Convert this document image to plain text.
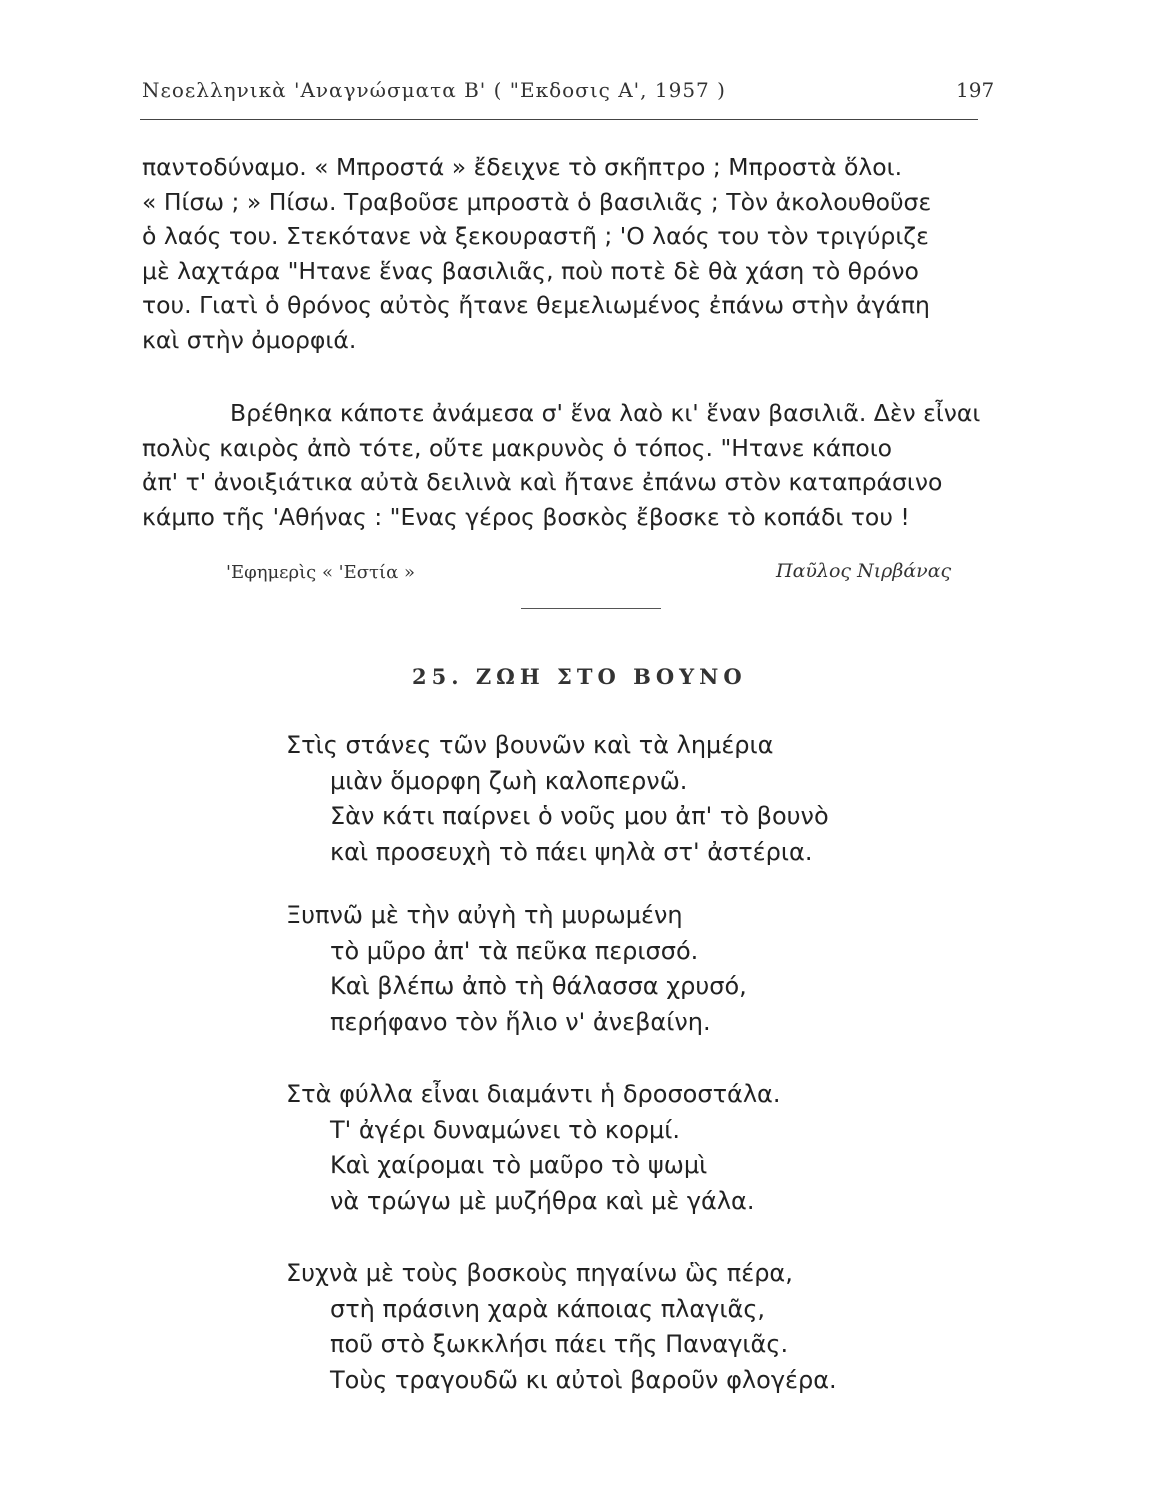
Νεοελληνικὰ 'Αναγνώσματα Β' ( "Εκδοσις Α', 1957 )	197
παντοδύναμο. « Μπροστά » ἔδειχνε τὸ σκῆπτρο ; Μπροστὰ ὅλοι.
« Πίσω ; » Πίσω. Τραβοῦσε μπροστὰ ὁ βασιλιᾶς ; Τὸν ἀκολουθοῦσε
ὁ λαός του. Στεκότανε νὰ ξεκουραστῆ ; 'Ο λαός του τὸν τριγύριζε
μὲ λαχτάρα "Ητανε ἕνας βασιλιᾶς, ποὺ ποτὲ δὲ θὰ χάση τὸ θρόνο
του. Γιατὶ ὁ θρόνος αὐτὸς ἤτανε θεμελιωμένος ἐπάνω στὴν ἀγάπη
καὶ στὴν ὀμορφιά.
Βρέθηκα κάποτε ἀνάμεσα σ' ἕνα λαὸ κι' ἕναν βασιλιᾶ. Δὲν εἶναι
πολὺς καιρὸς ἀπὸ τότε, οὔτε μακρυνὸς ὁ τόπος. "Ητανε κάποιο
ἀπ' τ' ἀνοιξιάτικα αὐτὰ δειλινὰ καὶ ἤτανε ἐπάνω στὸν καταπράσινο
κάμπο τῆς 'Αθήνας : "Ενας γέρος βοσκὸς ἔβοσκε τὸ κοπάδι του !
'Εφημερὶς « 'Εστία »	Παῦλος Νιρβάνας
25. ΖΩΗ ΣΤΟ ΒΟΥΝΟ
Στὶς στάνες τῶν βουνῶν καὶ τὰ λημέρια
μιὰν ὅμορφη ζωὴ καλοπερνῶ.
Σὰν κάτι παίρνει ὁ νοῦς μου ἀπ' τὸ βουνὸ
καὶ προσευχὴ τὸ πάει ψηλὰ στ' ἀστέρια.
Ξυπνῶ μὲ τὴν αὐγὴ τὴ μυρωμένη
τὸ μῦρο ἀπ' τὰ πεῦκα περισσό.
Καὶ βλέπω ἀπὸ τὴ θάλασσα χρυσό,
περήφανο τὸν ἥλιο ν' ἀνεβαίνη.
Στὰ φύλλα εἶναι διαμάντι ἡ δροσοστάλα.
Τ' ἀγέρι δυναμώνει τὸ κορμί.
Καὶ χαίρομαι τὸ μαῦρο τὸ ψωμὶ
νὰ τρώγω μὲ μυζήθρα καὶ μὲ γάλα.
Συχνὰ μὲ τοὺς βοσκοὺς πηγαίνω ὣς πέρα,
στὴ πράσινη χαρὰ κάποιας πλαγιᾶς,
ποῦ στὸ ξωκκλήσι πάει τῆς Παναγιᾶς.
Τοὺς τραγουδῶ κι αὐτοὶ βαροῦν φλογέρα.
